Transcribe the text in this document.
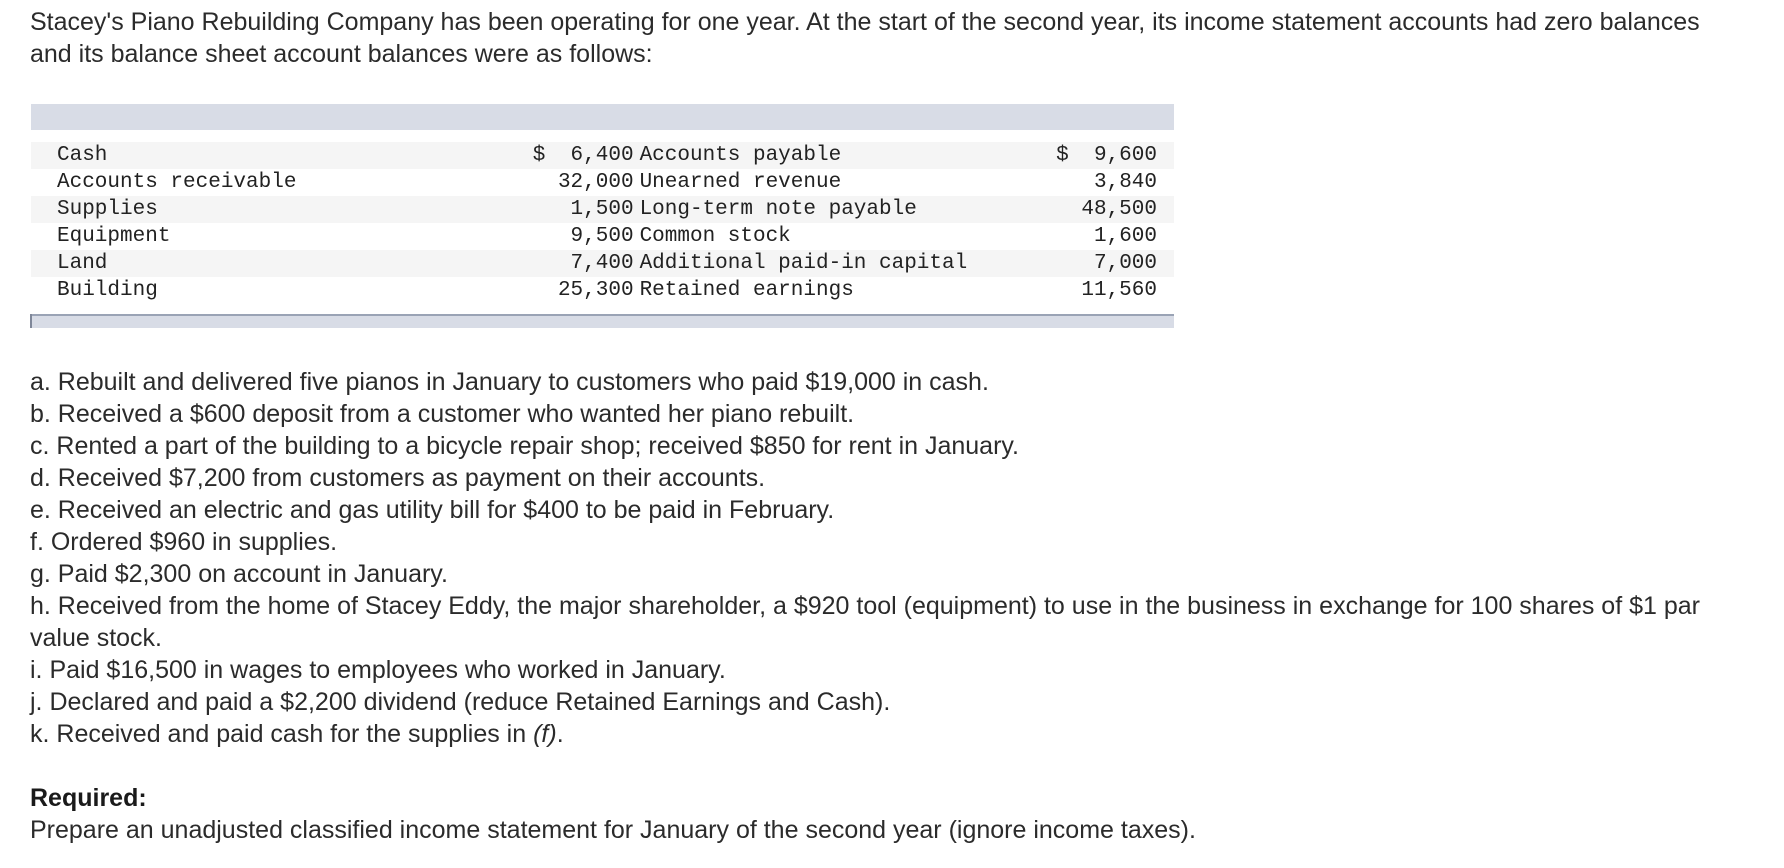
Stacey's Piano Rebuilding Company has been operating for one year. At the start of the second year, its income statement accounts had zero balances and its balance sheet account balances were as follows:

Cash	$  6,400	Accounts payable	$  9,600
Accounts receivable	32,000	Unearned revenue	3,840
Supplies	1,500	Long-term note payable	48,500
Equipment	9,500	Common stock	1,600
Land	7,400	Additional paid-in capital	7,000
Building	25,300	Retained earnings	11,560

a. Rebuilt and delivered five pianos in January to customers who paid $19,000 in cash.
b. Received a $600 deposit from a customer who wanted her piano rebuilt.
c. Rented a part of the building to a bicycle repair shop; received $850 for rent in January.
d. Received $7,200 from customers as payment on their accounts.
e. Received an electric and gas utility bill for $400 to be paid in February.
f. Ordered $960 in supplies.
g. Paid $2,300 on account in January.
h. Received from the home of Stacey Eddy, the major shareholder, a $920 tool (equipment) to use in the business in exchange for 100 shares of $1 par value stock.
i. Paid $16,500 in wages to employees who worked in January.
j. Declared and paid a $2,200 dividend (reduce Retained Earnings and Cash).
k. Received and paid cash for the supplies in (f).
Required:
Prepare an unadjusted classified income statement for January of the second year (ignore income taxes).
